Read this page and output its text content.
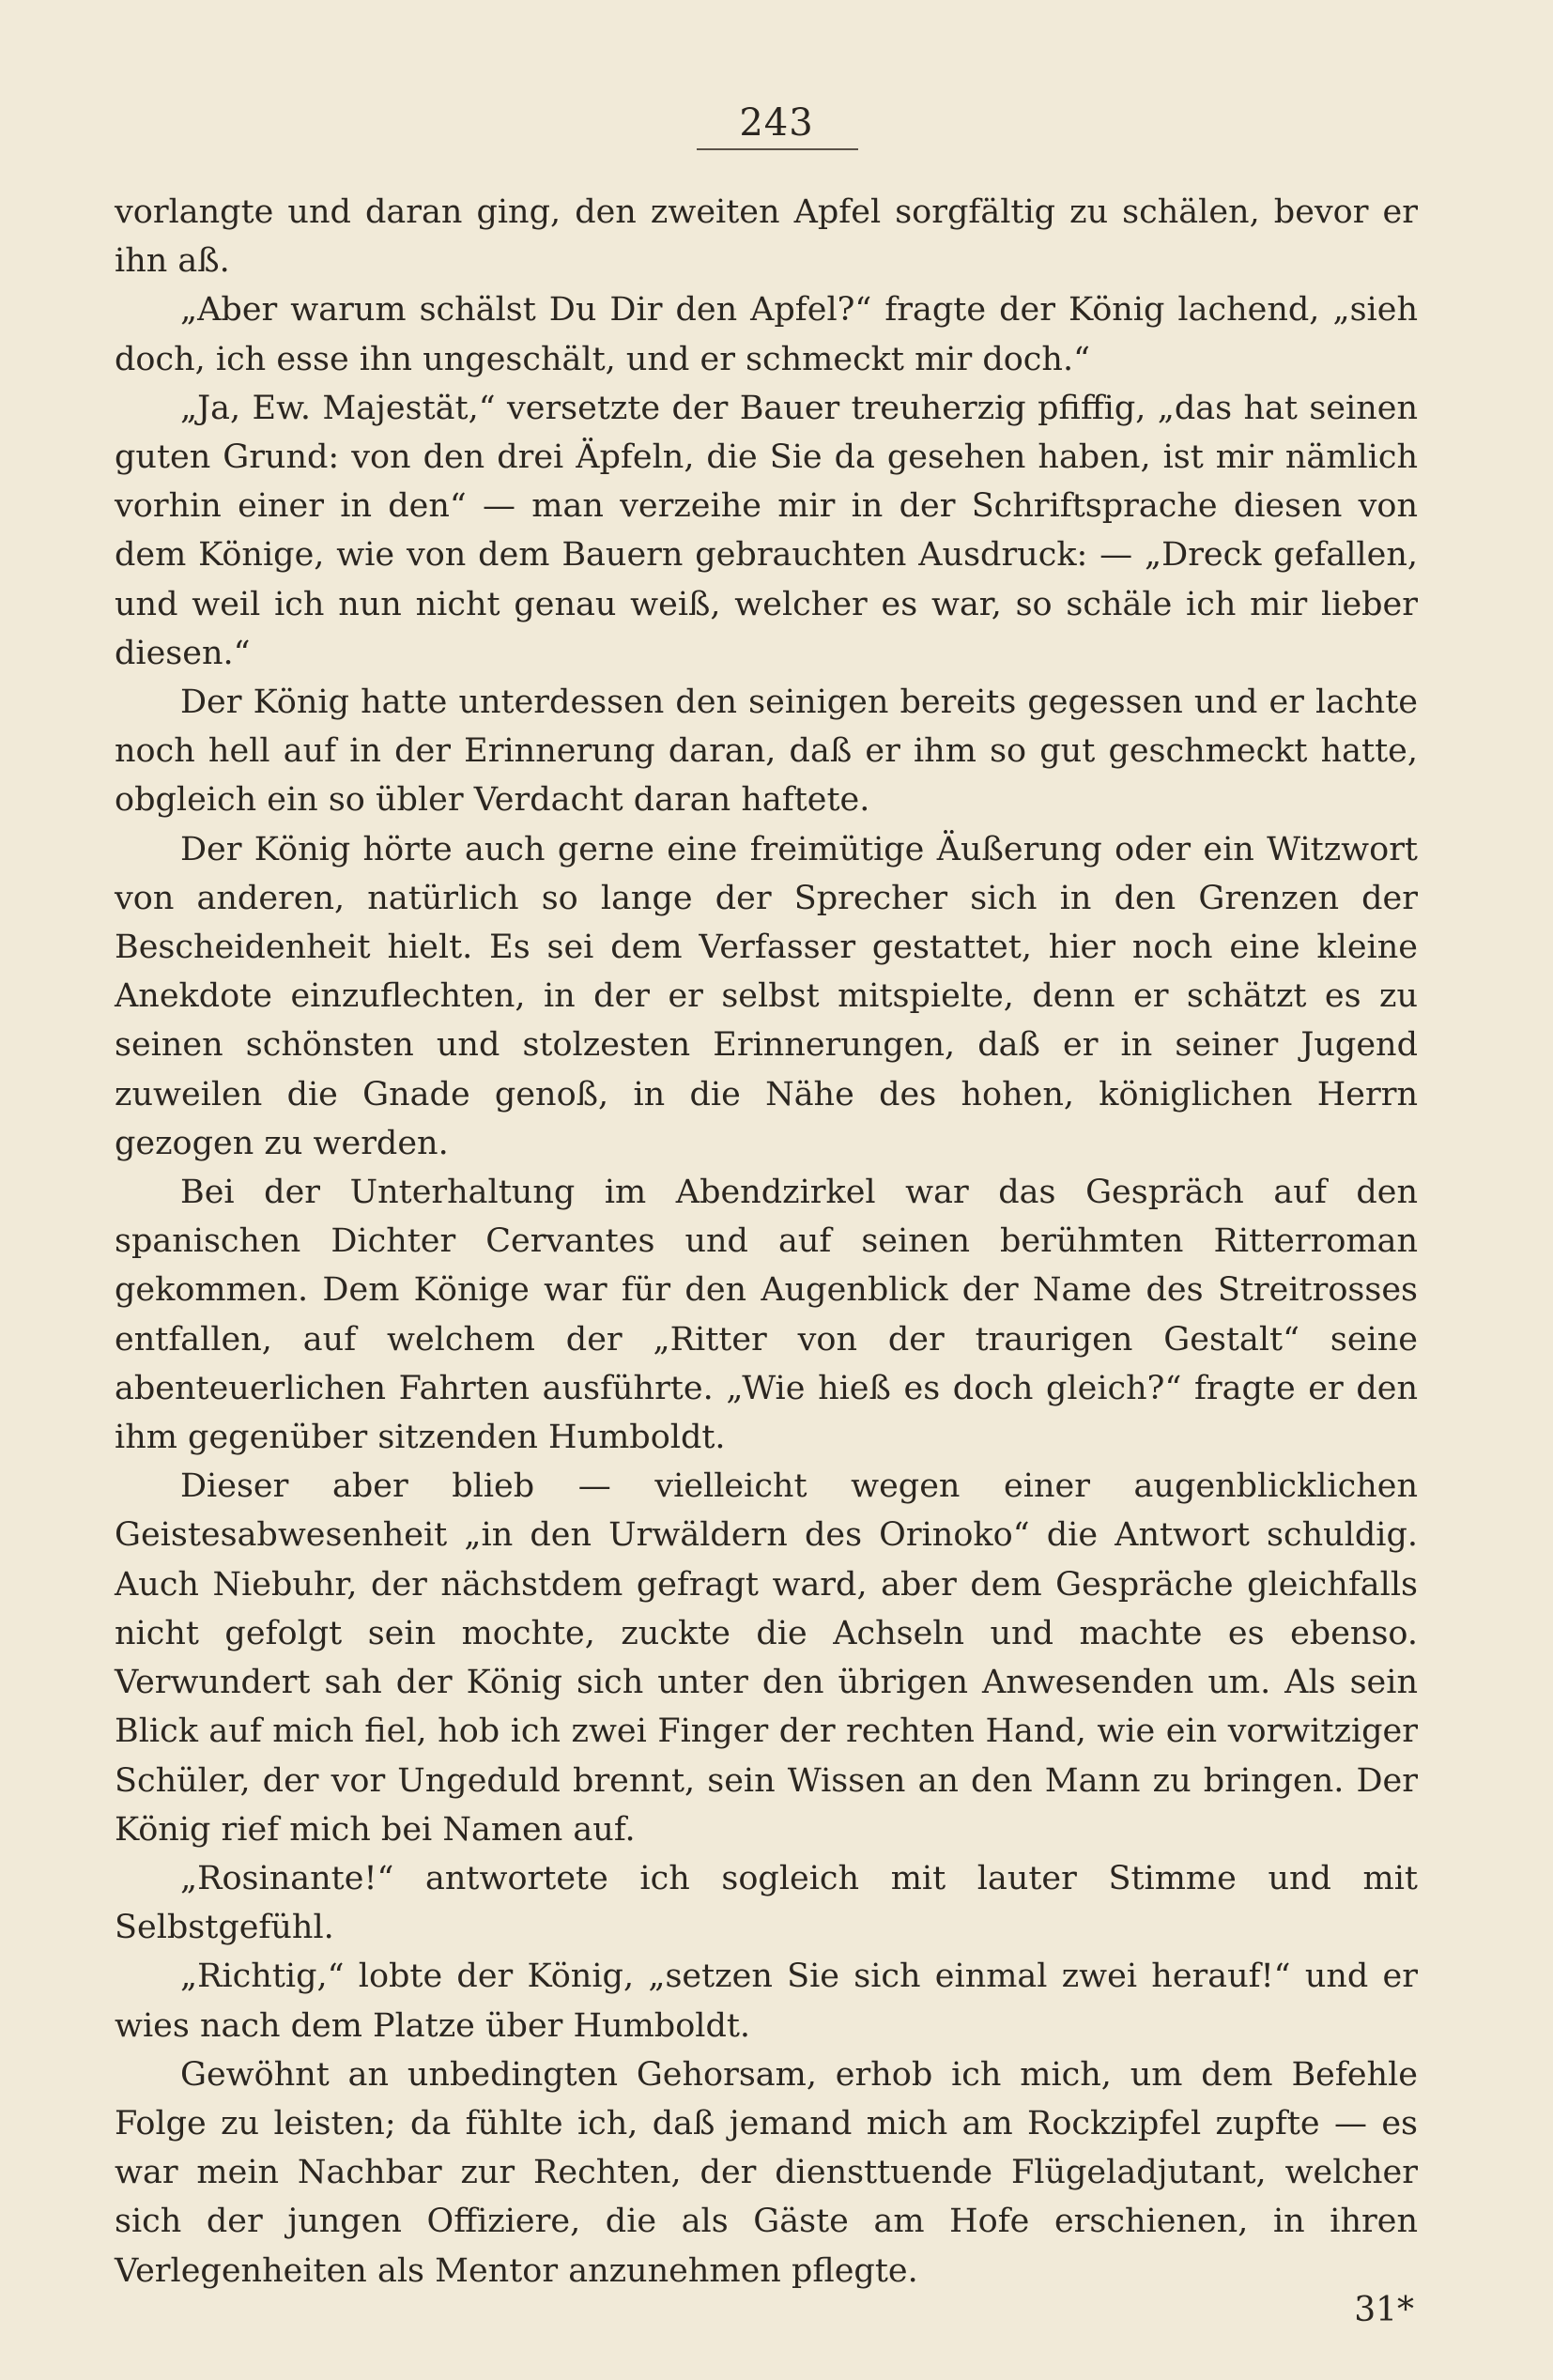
243

vorlangte und daran ging, den zweiten Apfel sorgfältig zu schälen, bevor er ihn aß.

„Aber warum schälst Du Dir den Apfel?“ fragte der König lachend, „sieh doch, ich esse ihn ungeschält, und er schmeckt mir doch.“

„Ja, Ew. Majestät,“ versetzte der Bauer treuherzig pfiffig, „das hat seinen guten Grund: von den drei Äpfeln, die Sie da gesehen haben, ist mir nämlich vorhin einer in den“ — man verzeihe mir in der Schriftsprache diesen von dem Könige, wie von dem Bauern gebrauchten Ausdruck: — „Dreck gefallen, und weil ich nun nicht genau weiß, welcher es war, so schäle ich mir lieber diesen.“

Der König hatte unterdessen den seinigen bereits gegessen und er lachte noch hell auf in der Erinnerung daran, daß er ihm so gut geschmeckt hatte, obgleich ein so übler Verdacht daran haftete.

Der König hörte auch gerne eine freimütige Äußerung oder ein Witzwort von anderen, natürlich so lange der Sprecher sich in den Grenzen der Bescheidenheit hielt. Es sei dem Verfasser gestattet, hier noch eine kleine Anekdote einzuflechten, in der er selbst mitspielte, denn er schätzt es zu seinen schönsten und stolzesten Erinnerungen, daß er in seiner Jugend zuweilen die Gnade genoß, in die Nähe des hohen, königlichen Herrn gezogen zu werden.

Bei der Unterhaltung im Abendzirkel war das Gespräch auf den spanischen Dichter Cervantes und auf seinen berühmten Ritterroman gekommen. Dem Könige war für den Augenblick der Name des Streitrosses entfallen, auf welchem der „Ritter von der traurigen Gestalt“ seine abenteuerlichen Fahrten ausführte. „Wie hieß es doch gleich?“ fragte er den ihm gegenüber sitzenden Humboldt.

Dieser aber blieb — vielleicht wegen einer augenblicklichen Geistesabwesenheit „in den Urwäldern des Orinoko“ die Antwort schuldig. Auch Niebuhr, der nächstdem gefragt ward, aber dem Gespräche gleichfalls nicht gefolgt sein mochte, zuckte die Achseln und machte es ebenso. Verwundert sah der König sich unter den übrigen Anwesenden um. Als sein Blick auf mich fiel, hob ich zwei Finger der rechten Hand, wie ein vorwitziger Schüler, der vor Ungeduld brennt, sein Wissen an den Mann zu bringen. Der König rief mich bei Namen auf.

„Rosinante!“ antwortete ich sogleich mit lauter Stimme und mit Selbstgefühl.

„Richtig,“ lobte der König, „setzen Sie sich einmal zwei herauf!“ und er wies nach dem Platze über Humboldt.

Gewöhnt an unbedingten Gehorsam, erhob ich mich, um dem Befehle Folge zu leisten; da fühlte ich, daß jemand mich am Rockzipfel zupfte — es war mein Nachbar zur Rechten, der diensttuende Flügeladjutant, welcher sich der jungen Offiziere, die als Gäste am Hofe erschienen, in ihren Verlegenheiten als Mentor anzunehmen pflegte.

31*
